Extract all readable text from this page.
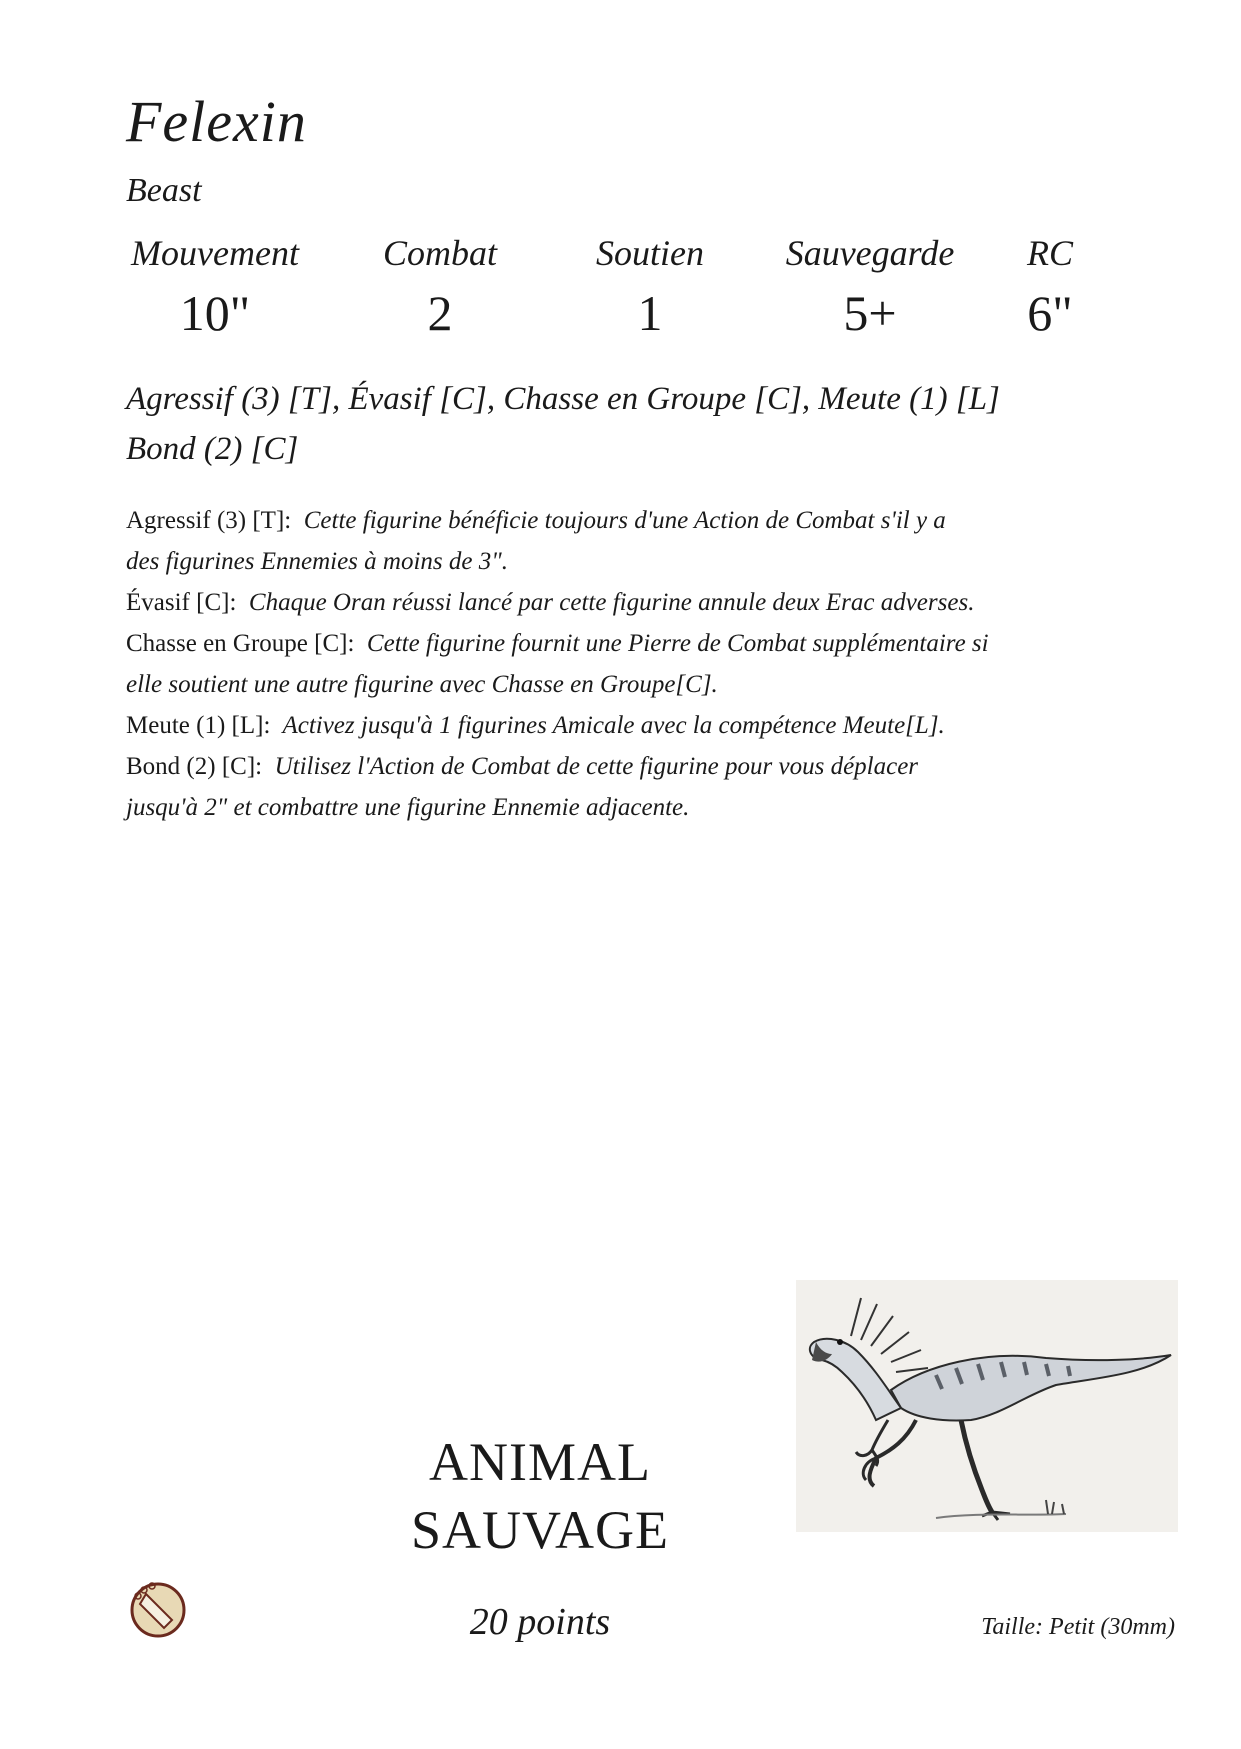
Felexin
Beast
Mouvement
10"
Combat
2
Soutien
1
Sauvegarde
5+
RC
6"
Agressif (3) [T], Évasif [C], Chasse en Groupe [C], Meute (1) [L]
Bond (2) [C]
Agressif (3) [T]: Cette figurine bénéficie toujours d'une Action de Combat s'il y a
des figurines Ennemies à moins de 3".
Évasif [C]: Chaque Oran réussi lancé par cette figurine annule deux Erac adverses.
Chasse en Groupe [C]: Cette figurine fournit une Pierre de Combat supplémentaire si
elle soutient une autre figurine avec Chasse en Groupe[C].
Meute (1) [L]: Activez jusqu'à 1 figurines Amicale avec la compétence Meute[L].
Bond (2) [C]: Utilisez l'Action de Combat de cette figurine pour vous déplacer
jusqu'à 2" et combattre une figurine Ennemie adjacente.
ANIMAL
SAUVAGE
20 points	Taille: Petit (30mm)
